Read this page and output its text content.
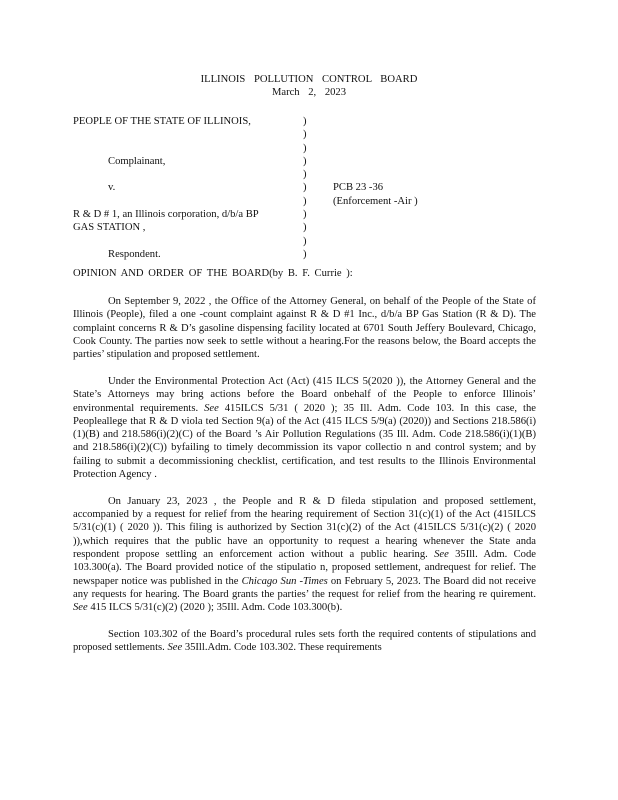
ILLINOIS POLLUTION CONTROL BOARD
March 2, 2023
PEOPLE OF THE STATE OF ILLINOIS,
Complainant,
v.
R & D # 1, an Illinois corporation, d/b/a BP
GAS STATION ,
Respondent.
)
)
)
)
)
)
)
)
)
)
)
PCB 23 -36
(Enforcement -Air )
OPINION AND ORDER OF THE BOARD(by B. F. Currie ):

On September 9, 2022 , the Office of the Attorney General, on behalf of the People of the State of Illinois (People), filed a one -count complaint against R & D #1 Inc., d/b/a BP Gas Station (R & D). The complaint concerns R & D’s gasoline dispensing facility located at 6701 South Jeffery Boulevard, Chicago, Cook County. The parties now seek to settle without a hearing.For the reasons below, the Board accepts the parties’ stipulation and proposed settlement.

Under the Environmental Protection Act (Act) (415 ILCS 5(2020 )), the Attorney General and the State’s Attorneys may bring actions before the Board onbehalf of the People to enforce Illinois’ environmental requirements. See 415ILCS 5/31 ( 2020 ); 35 Ill. Adm. Code 103. In this case, the Peopleallege that R & D viola ted Section 9(a) of the Act (415 ILCS 5/9(a) (2020)) and Sections 218.586(i)(1)(B) and 218.586(i)(2)(C) of the Board ’s Air Pollution Regulations (35 Ill. Adm. Code 218.586(i)(1)(B) and 218.586(i)(2)(C)) byfailing to timely decommission its vapor collectio n and control system; and by failing to submit a decommissioning checklist, certification, and test results to the Illinois Environmental Protection Agency .

On January 23, 2023 , the People and R & D fileda stipulation and proposed settlement, accompanied by a request for relief from the hearing requirement of Section 31(c)(1) of the Act (415ILCS 5/31(c)(1) ( 2020 )). This filing is authorized by Section 31(c)(2) of the Act (415ILCS 5/31(c)(2) ( 2020 )),which requires that the public have an opportunity to request a hearing whenever the State anda respondent propose settling an enforcement action without a public hearing. See 35Ill. Adm. Code 103.300(a). The Board provided notice of the stipulatio n, proposed settlement, andrequest for relief. The newspaper notice was published in the Chicago Sun -Times on February 5, 2023. The Board did not receive any requests for hearing. The Board grants the parties’ the request for relief from the hearing re quirement. See 415 ILCS 5/31(c)(2) (2020 ); 35Ill. Adm. Code 103.300(b).

Section 103.302 of the Board’s procedural rules sets forth the required contents of stipulations and proposed settlements. See 35Ill.Adm. Code 103.302. These requirements
